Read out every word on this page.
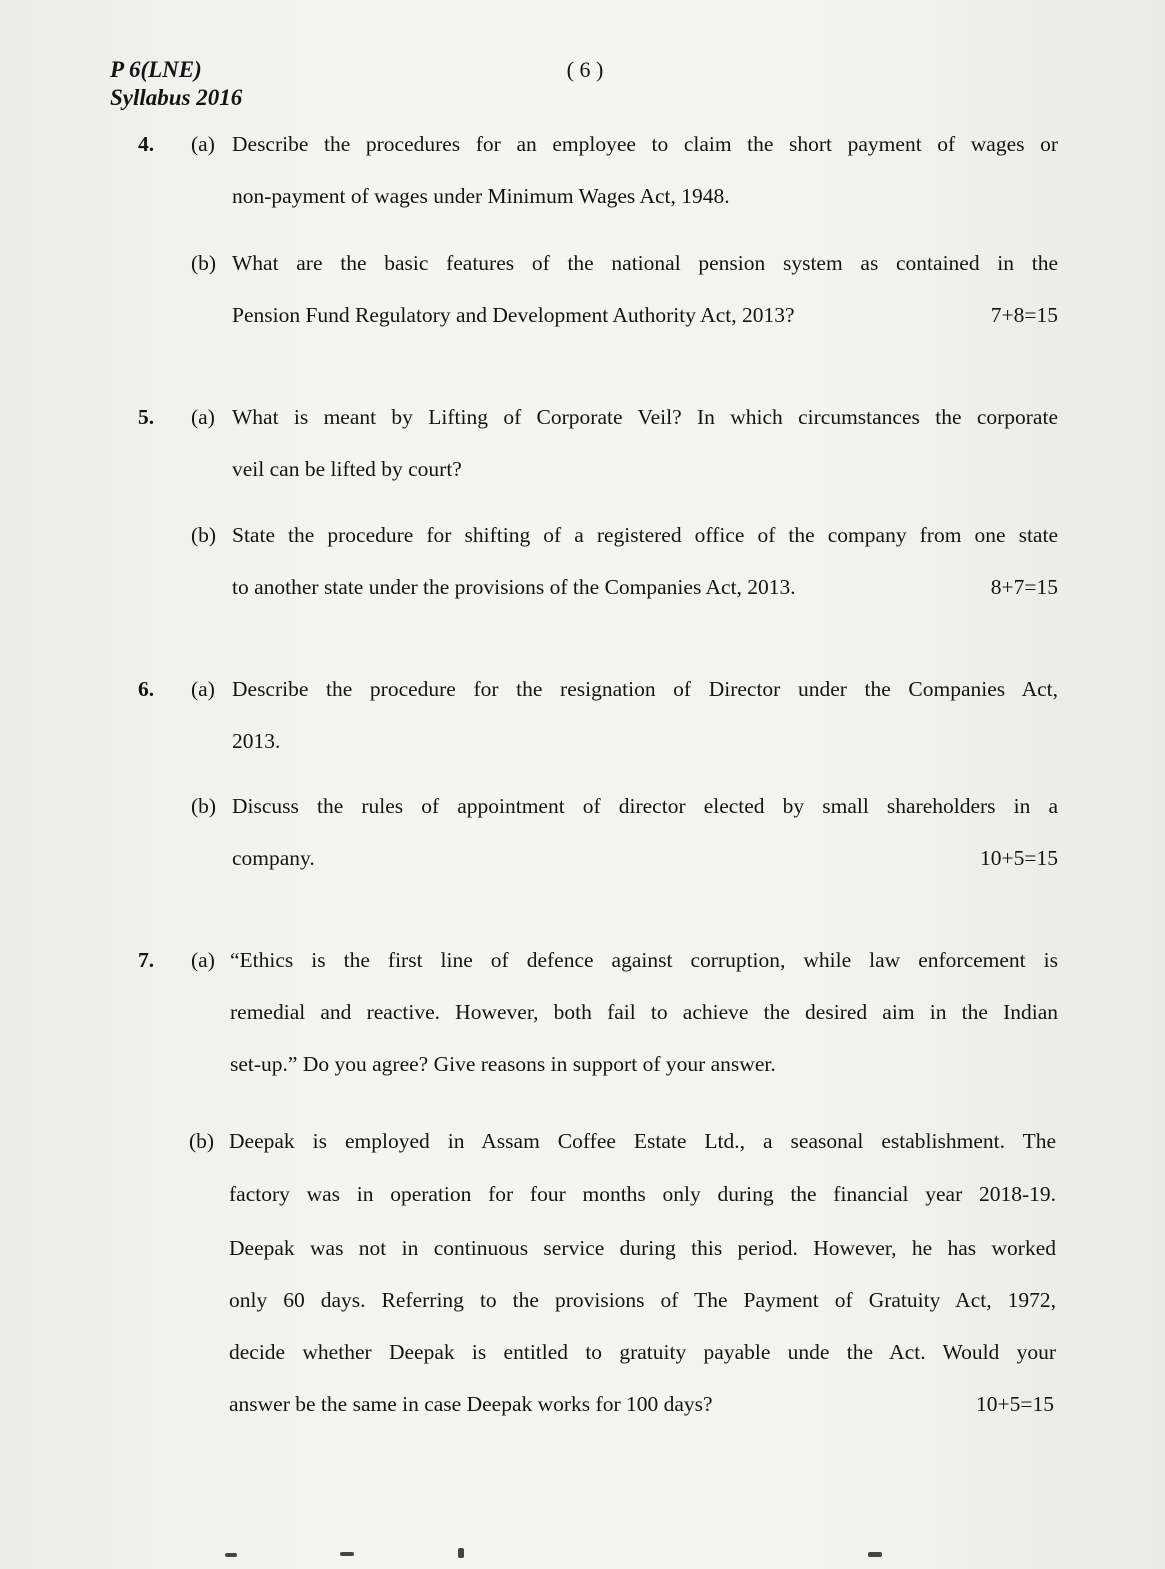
P 6(LNE)
Syllabus 2016
( 6 )
4. (a) Describe the procedures for an employee to claim the short payment of wages or
non-payment of wages under Minimum Wages Act, 1948.
(b) What are the basic features of the national pension system as contained in the
Pension Fund Regulatory and Development Authority Act, 2013?	7+8=15
5. (a) What is meant by Lifting of Corporate Veil? In which circumstances the corporate
veil can be lifted by court?
(b) State the procedure for shifting of a registered office of the company from one state
to another state under the provisions of the Companies Act, 2013.	8+7=15
6. (a) Describe the procedure for the resignation of Director under the Companies Act,
2013.
(b) Discuss the rules of appointment of director elected by small shareholders in a
company.	10+5=15
7. (a) “Ethics is the first line of defence against corruption, while law enforcement is
remedial and reactive. However, both fail to achieve the desired aim in the Indian
set-up.” Do you agree? Give reasons in support of your answer.
(b) Deepak is employed in Assam Coffee Estate Ltd., a seasonal establishment. The
factory was in operation for four months only during the financial year 2018-19.
Deepak was not in continuous service during this period. However, he has worked
only 60 days. Referring to the provisions of The Payment of Gratuity Act, 1972,
decide whether Deepak is entitled to gratuity payable unde the Act. Would your
answer be the same in case Deepak works for 100 days?	10+5=15
